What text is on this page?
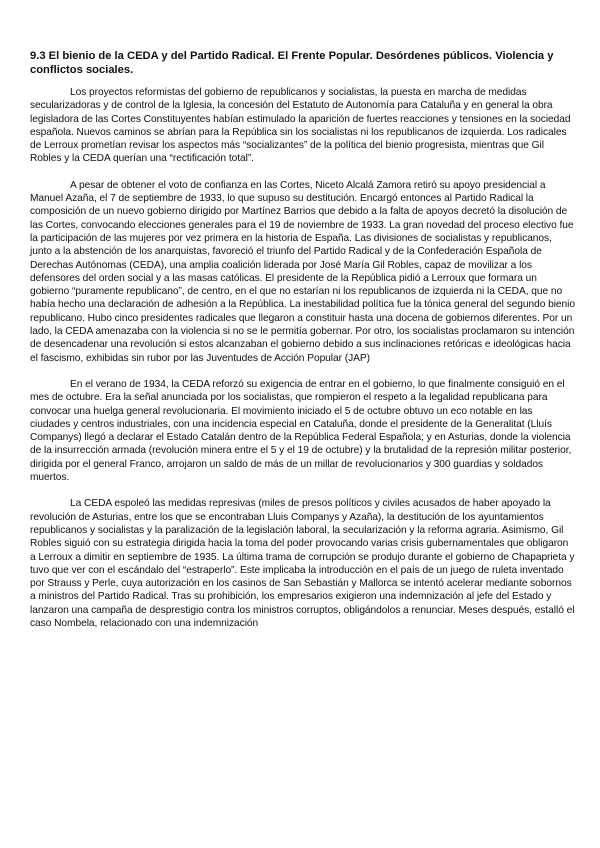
9.3 El bienio de la CEDA y del Partido Radical. El Frente Popular. Desórdenes públicos. Violencia y conflictos sociales.

Los proyectos reformistas del gobierno de republicanos y socialistas, la puesta en marcha de medidas secularizadoras y de control de la Iglesia, la concesión del Estatuto de Autonomía para Cataluña y en general la obra legisladora de las Cortes Constituyentes habían estimulado la aparición de fuertes reacciones y tensiones en la sociedad española. Nuevos caminos se abrían para la República sin los socialistas ni los republicanos de izquierda. Los radicales de Lerroux prometían revisar los aspectos más “socializantes” de la política del bienio progresista, mientras que Gil Robles y la CEDA querían una “rectificación total”.

A pesar de obtener el voto de confianza en las Cortes, Niceto Alcalá Zamora retiró su apoyo presidencial a Manuel Azaña, el 7 de septiembre de 1933, lo que supuso su destitución. Encargó entonces al Partido Radical la composición de un nuevo gobierno dirigido por Martínez Barrios que debido a la falta de apoyos decretó la disolución de las Cortes, convocando elecciones generales para el 19 de noviembre de 1933. La gran novedad del proceso electivo fue la participación de las mujeres por vez primera en la historia de España. Las divisiones de socialistas y republicanos, junto a la abstención de los anarquistas, favoreció el triunfo del Partido Radical y de la Confederación Española de Derechas Autónomas (CEDA), una amplia coalición liderada por José María Gil Robles, capaz de movilizar a los defensores del orden social y a las masas católicas. El presidente de la República pidió a Lerroux que formara un gobierno “puramente republicano”, de centro, en el que no estarían ni los republicanos de izquierda ni la CEDA, que no había hecho una declaración de adhesión a la República. La inestabilidad política fue la tónica general del segundo bienio republicano. Hubo cinco presidentes radicales que llegaron a constituir hasta una docena de gobiernos diferentes. Por un lado, la CEDA amenazaba con la violencia si no se le permitía gobernar. Por otro, los socialistas proclamaron su intención de desencadenar una revolución si estos alcanzaban el gobierno debido a sus inclinaciones retóricas e ideológicas hacia el fascismo, exhibidas sin rubor por las Juventudes de Acción Popular (JAP)

En el verano de 1934, la CEDA reforzó su exigencia de entrar en el gobierno, lo que finalmente consiguió en el mes de octubre. Era la señal anunciada por los socialistas, que rompieron el respeto a la legalidad republicana para convocar una huelga general revolucionaria. El movimiento iniciado el 5 de octubre obtuvo un eco notable en las ciudades y centros industriales, con una incidencia especial en Cataluña, donde el presidente de la Generalitat (Lluís Companys) llegó a declarar el Estado Catalán dentro de la República Federal Española; y en Asturias, donde la violencia de la insurrección armada (revolución minera entre el 5 y el 19 de octubre) y la brutalidad de la represión militar posterior, dirigida por el general Franco, arrojaron un saldo de más de un millar de revolucionarios y 300 guardias y soldados muertos.

La CEDA espoleó las medidas represivas (miles de presos políticos y civiles acusados de haber apoyado la revolución de Asturias, entre los que se encontraban Lluis Companys y Azaña), la destitución de los ayuntamientos republicanos y socialistas y la paralización de la legislación laboral, la secularización y la reforma agraria. Asimismo, Gil Robles siguió con su estrategia dirigida hacia la toma del poder provocando varias crisis gubernamentales que obligaron a Lerroux a dimitir en septiembre de 1935. La última trama de corrupción se produjo durante el gobierno de Chapaprieta y tuvo que ver con el escándalo del “estraperlo”. Este implicaba la introducción en el país de un juego de ruleta inventado por Strauss y Perle, cuya autorización en los casinos de San Sebastián y Mallorca se intentó acelerar mediante sobornos a ministros del Partido Radical. Tras su prohibición, los empresarios exigieron una indemnización al jefe del Estado y lanzaron una campaña de desprestigio contra los ministros corruptos, obligándolos a renunciar. Meses después, estalló el caso Nombela, relacionado con una indemnización
